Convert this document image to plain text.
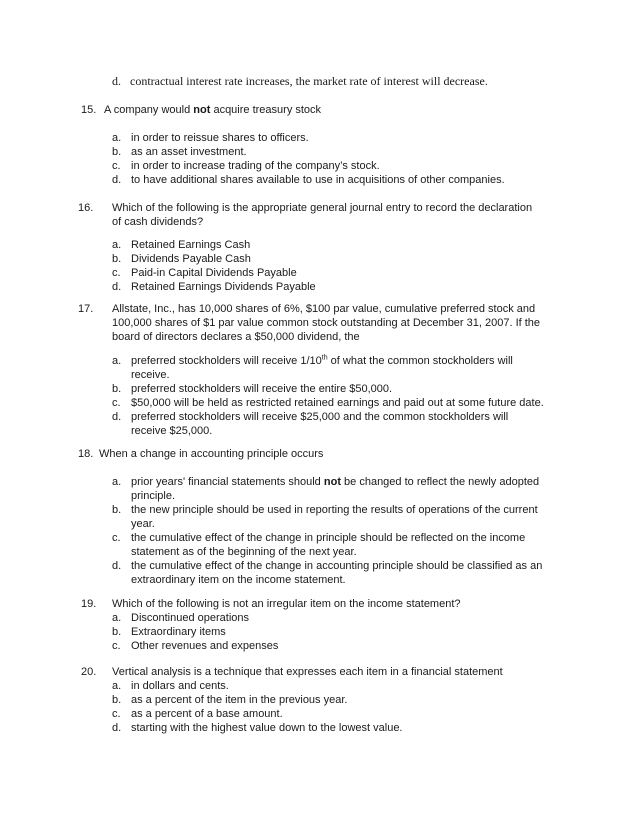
d. contractual interest rate increases, the market rate of interest will decrease.
15. A company would not acquire treasury stock
a. in order to reissue shares to officers.
b. as an asset investment.
c. in order to increase trading of the company’s stock.
d. to have additional shares available to use in acquisitions of other companies.
16. Which of the following is the appropriate general journal entry to record the declaration
of cash dividends?
a. Retained Earnings Cash
b. Dividends Payable Cash
c. Paid-in Capital Dividends Payable
d. Retained Earnings Dividends Payable
17. Allstate, Inc., has 10,000 shares of 6%, $100 par value, cumulative preferred stock and
100,000 shares of $1 par value common stock outstanding at December 31, 2007. If the
board of directors declares a $50,000 dividend, the
a. preferred stockholders will receive 1/10th of what the common stockholders will
receive.
b. preferred stockholders will receive the entire $50,000.
c. $50,000 will be held as restricted retained earnings and paid out at some future date.
d. preferred stockholders will receive $25,000 and the common stockholders will
receive $25,000.
18. When a change in accounting principle occurs
a. prior years' financial statements should not be changed to reflect the newly adopted
principle.
b. the new principle should be used in reporting the results of operations of the current
year.
c. the cumulative effect of the change in principle should be reflected on the income
statement as of the beginning of the next year.
d. the cumulative effect of the change in accounting principle should be classified as an
extraordinary item on the income statement.
19. Which of the following is not an irregular item on the income statement?
a. Discontinued operations
b. Extraordinary items
c. Other revenues and expenses
20. Vertical analysis is a technique that expresses each item in a financial statement
a. in dollars and cents.
b. as a percent of the item in the previous year.
c. as a percent of a base amount.
d. starting with the highest value down to the lowest value.
